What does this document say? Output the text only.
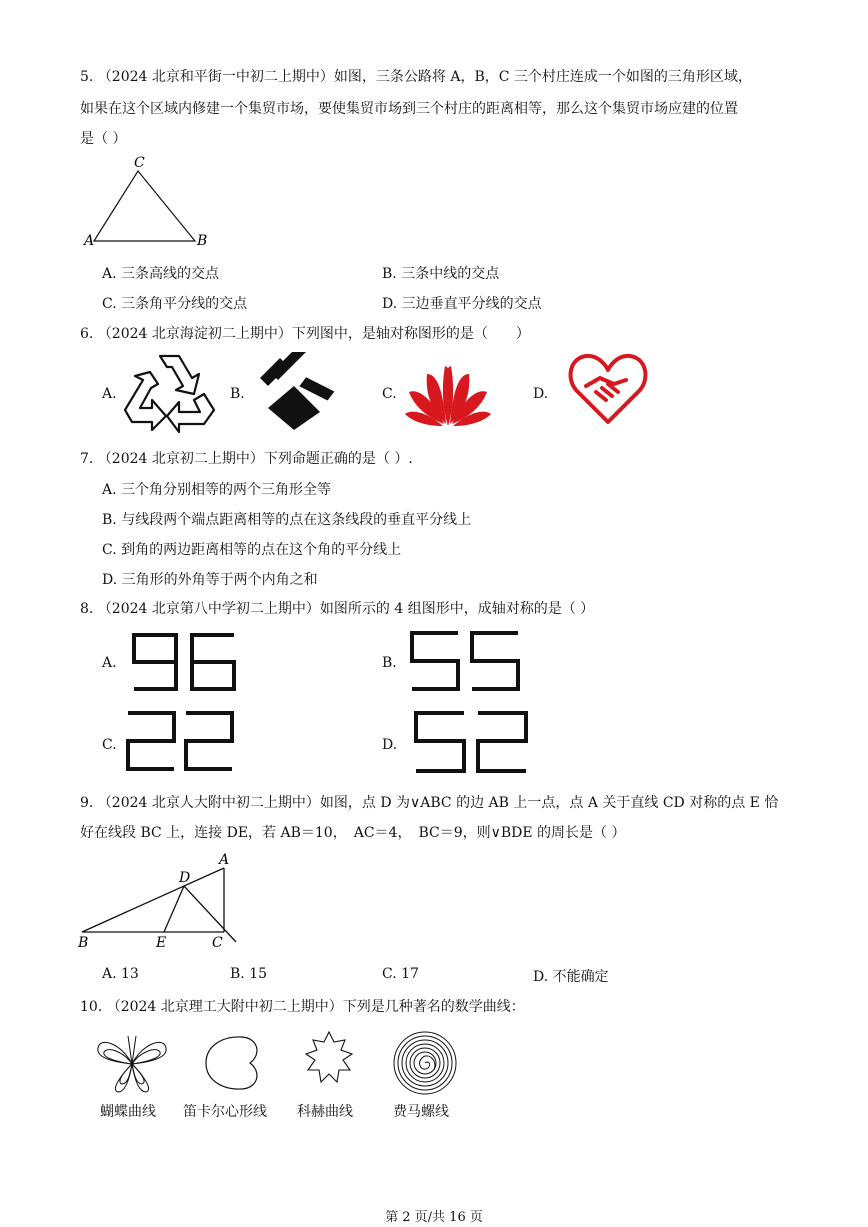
5. （2024 北京和平街一中初二上期中）如图，三条公路将 A，B，C 三个村庄连成一个如图的三角形区域，
如果在这个区域内修建一个集贸市场，要使集贸市场到三个村庄的距离相等，那么这个集贸市场应建的位置
是（ ）
C
A	B
A. 三条高线的交点	B. 三条中线的交点
C. 三条角平分线的交点	D. 三边垂直平分线的交点
6. （2024 北京海淀初二上期中）下列图中，是轴对称图形的是（　　）
A.	B.	C.	D.
7. （2024 北京初二上期中）下列命题正确的是（ ）.
A. 三个角分别相等的两个三角形全等
B. 与线段两个端点距离相等的点在这条线段的垂直平分线上
C. 到角的两边距离相等的点在这个角的平分线上
D. 三角形的外角等于两个内角之和
8. （2024 北京第八中学初二上期中）如图所示的 4 组图形中，成轴对称的是（ ）
A.	B.
C.	D.
9. （2024 北京人大附中初二上期中）如图，点 D 为∨ABC 的边 AB 上一点，点 A 关于直线 CD 对称的点 E 恰
好在线段 BC 上，连接 DE，若 AB＝10，　AC＝4，　BC＝9，则∨BDE 的周长是（ ）
A
D
B	E	C
A. 13	B. 15	C. 17	D. 不能确定
10. （2024 北京理工大附中初二上期中）下列是几种著名的数学曲线：
蝴蝶曲线 笛卡尔心形线 科赫曲线	费马螺线
第 2 页/共 16 页
